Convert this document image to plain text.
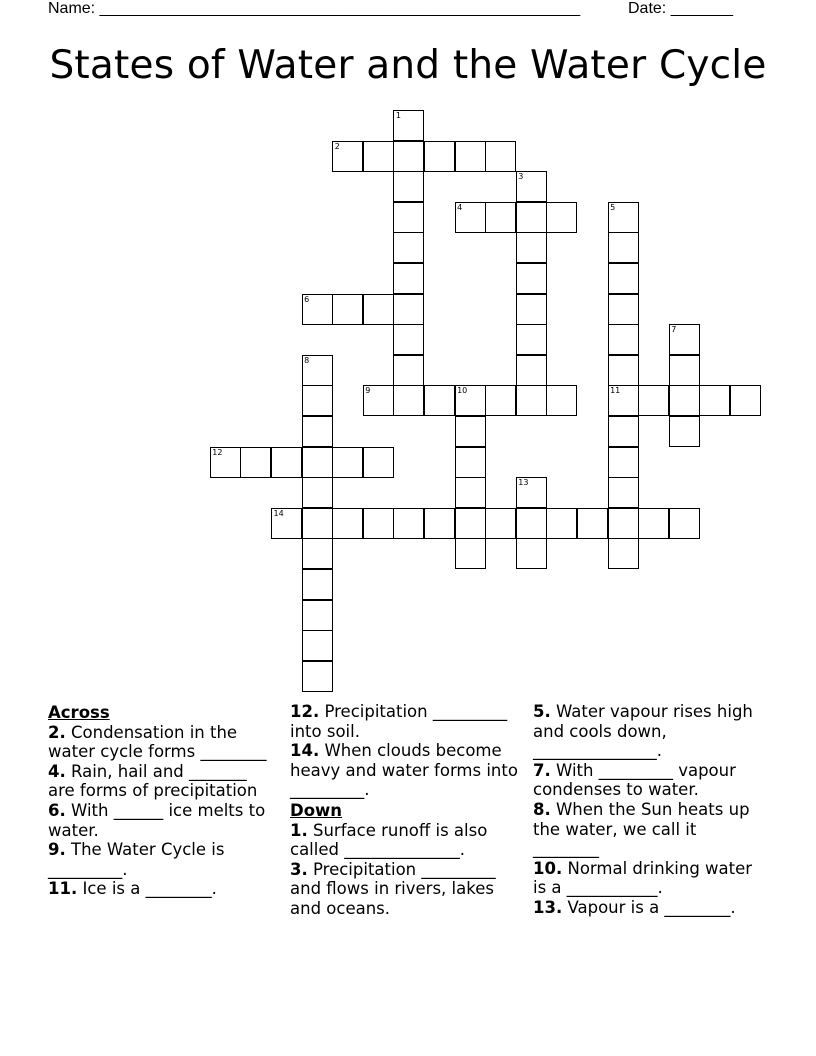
Name: ______________________________________________________	Date: _______
States of Water and the Water Cycle
1
2
3
4	5
6
7
8
9	10	11
12
13
14
Across
2. Condensation in the water cycle forms ________
4. Rain, hail and _______ are forms of precipitation
6. With ______ ice melts to water.
9. The Water Cycle is _________.
11. Ice is a ________.
12. Precipitation _________ into soil.
14. When clouds become heavy and water forms into _________.
Down
1. Surface runoff is also called ______________.
3. Precipitation _________ and flows in rivers, lakes and oceans.
5. Water vapour rises high and cools down, _______________.
7. With _________ vapour condenses to water.
8. When the Sun heats up the water, we call it ________
10. Normal drinking water is a ___________.
13. Vapour is a ________.
